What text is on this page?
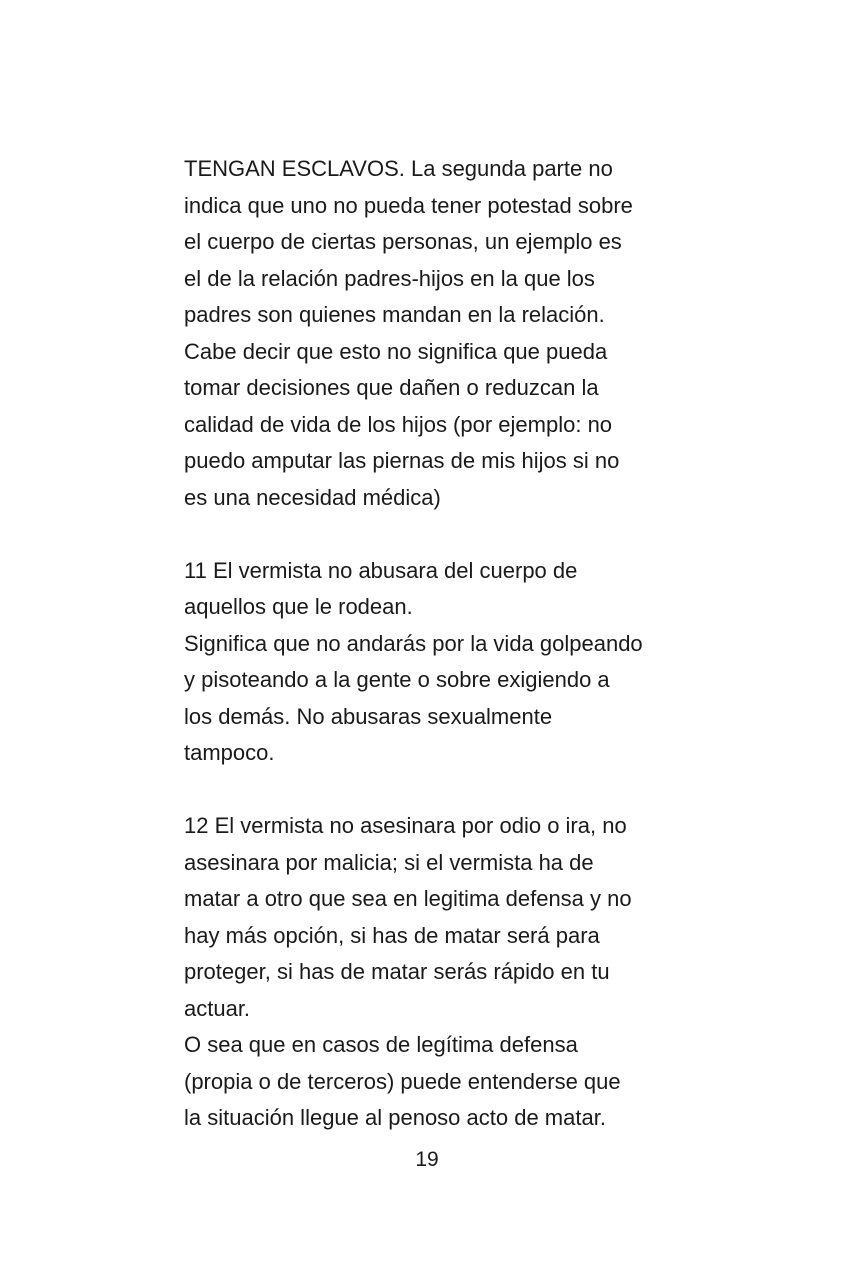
TENGAN ESCLAVOS. La segunda parte no
indica que uno no pueda tener potestad sobre
el cuerpo de ciertas personas, un ejemplo es
el de la relación padres-hijos en la que los
padres son quienes mandan en la relación.
Cabe decir que esto no significa que pueda
tomar decisiones que dañen o reduzcan la
calidad de vida de los hijos (por ejemplo: no
puedo amputar las piernas de mis hijos si no
es una necesidad médica)
11 El vermista no abusara del cuerpo de
aquellos que le rodean.
Significa que no andarás por la vida golpeando
y pisoteando a la gente o sobre exigiendo a
los demás. No abusaras sexualmente
tampoco.
12 El vermista no asesinara por odio o ira, no
asesinara por malicia; si el vermista ha de
matar a otro que sea en legitima defensa y no
hay más opción, si has de matar será para
proteger, si has de matar serás rápido en tu
actuar.
O sea que en casos de legítima defensa
(propia o de terceros) puede entenderse que
la situación llegue al penoso acto de matar.
19
